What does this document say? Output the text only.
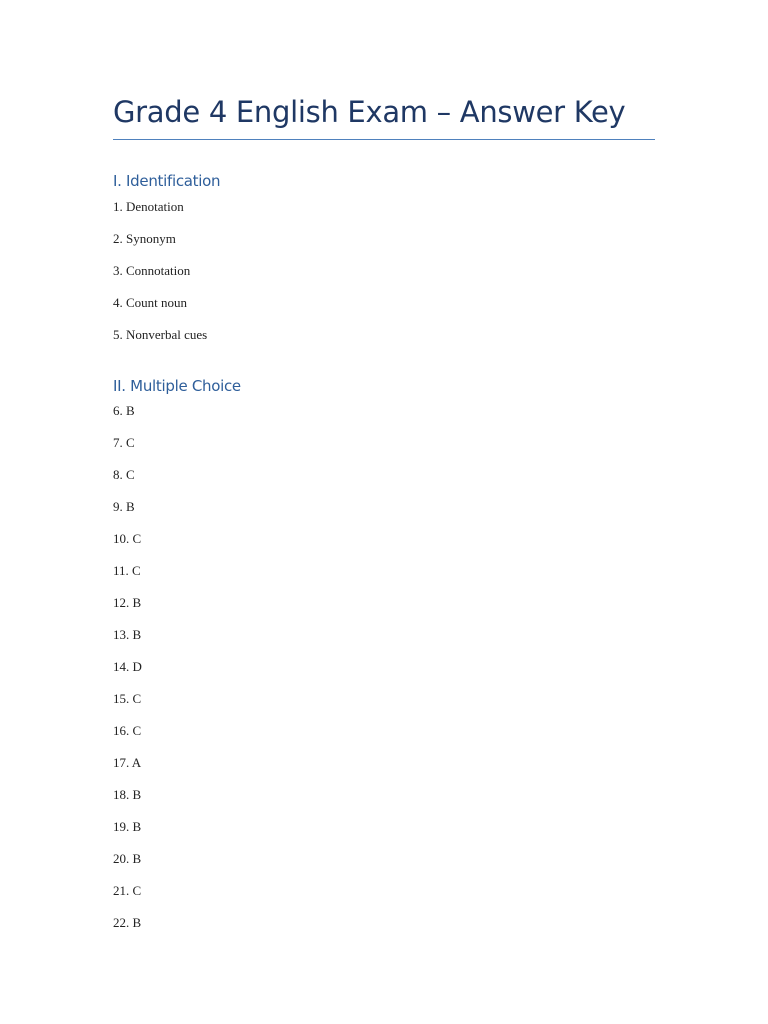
Grade 4 English Exam – Answer Key
I. Identification
1. Denotation
2. Synonym
3. Connotation
4. Count noun
5. Nonverbal cues
II. Multiple Choice
6. B
7. C
8. C
9. B
10. C
11. C
12. B
13. B
14. D
15. C
16. C
17. A
18. B
19. B
20. B
21. C
22. B
